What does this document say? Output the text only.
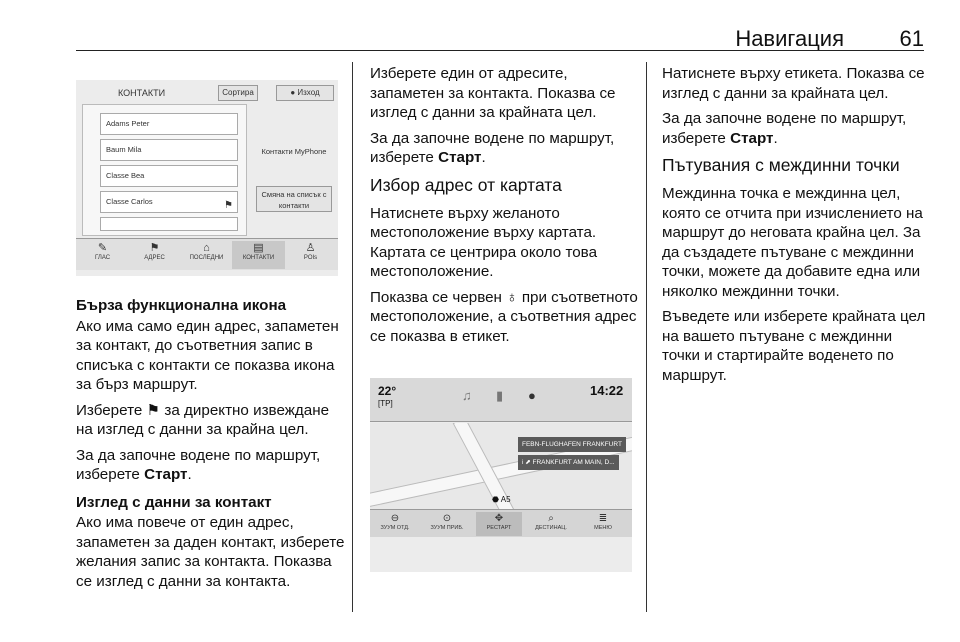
Навигация	61
КОНТАКТИ	Сортира	● Изход
Adams Peter
Baum Mila
Classe Bea
Classe Carlos	⚑
Контакти MyPhone
Смяна на списък с контакти
✎
ГЛАС
⚑
АДРЕС
⌂
ПОСЛЕДНИ
▤
КОНТАКТИ
♙
POIs
Бърза функционална икона

Ако има само един адрес, запаметен за контакт, до съответния запис в списъка с контакти се показва икона за бърз маршрут.

Изберете ⚑ за директно извеждане на изглед с данни за крайна цел.

За да започне водене по маршрут, изберете Старт.

Изглед с данни за контакт

Ако има повече от един адрес, запаметен за даден контакт, изберете желания запис за контакта. Показва се изглед с данни за контакта.

Изберете един от адресите, запаметен за контакта. Показва се изглед с данни за крайната цел.

За да започне водене по маршрут, изберете Старт.

Избор адрес от картата

Натиснете върху желаното местоположение върху картата. Картата се центрира около това местоположение.

Показва се червен ♁ при съответното местоположение, а съответния адрес се показва в етикет.

22°
[TP]
♫ ▮ ●	14:22
FEBN-FLUGHAFEN FRANKFURT
i ⬈ FRANKFURT AM MAIN, D...
⬣ A5
⊖
ЗУУМ ОТД.
⊙
ЗУУМ ПРИБ.
✥
РЕСТАРТ
⌕
ДЕСТИНАЦ.
≣
МЕНЮ

Натиснете върху етикета. Показва се изглед с данни за крайната цел.

За да започне водене по маршрут, изберете Старт.

Пътувания с междинни точки

Междинна точка е междинна цел, която се отчита при изчислението на маршрут до неговата крайна цел. За да създадете пътуване с междинни точки, можете да добавите една или няколко междинни точки.

Въведете или изберете крайната цел на вашето пътуване с междинни точки и стартирайте воденето по маршрут.
